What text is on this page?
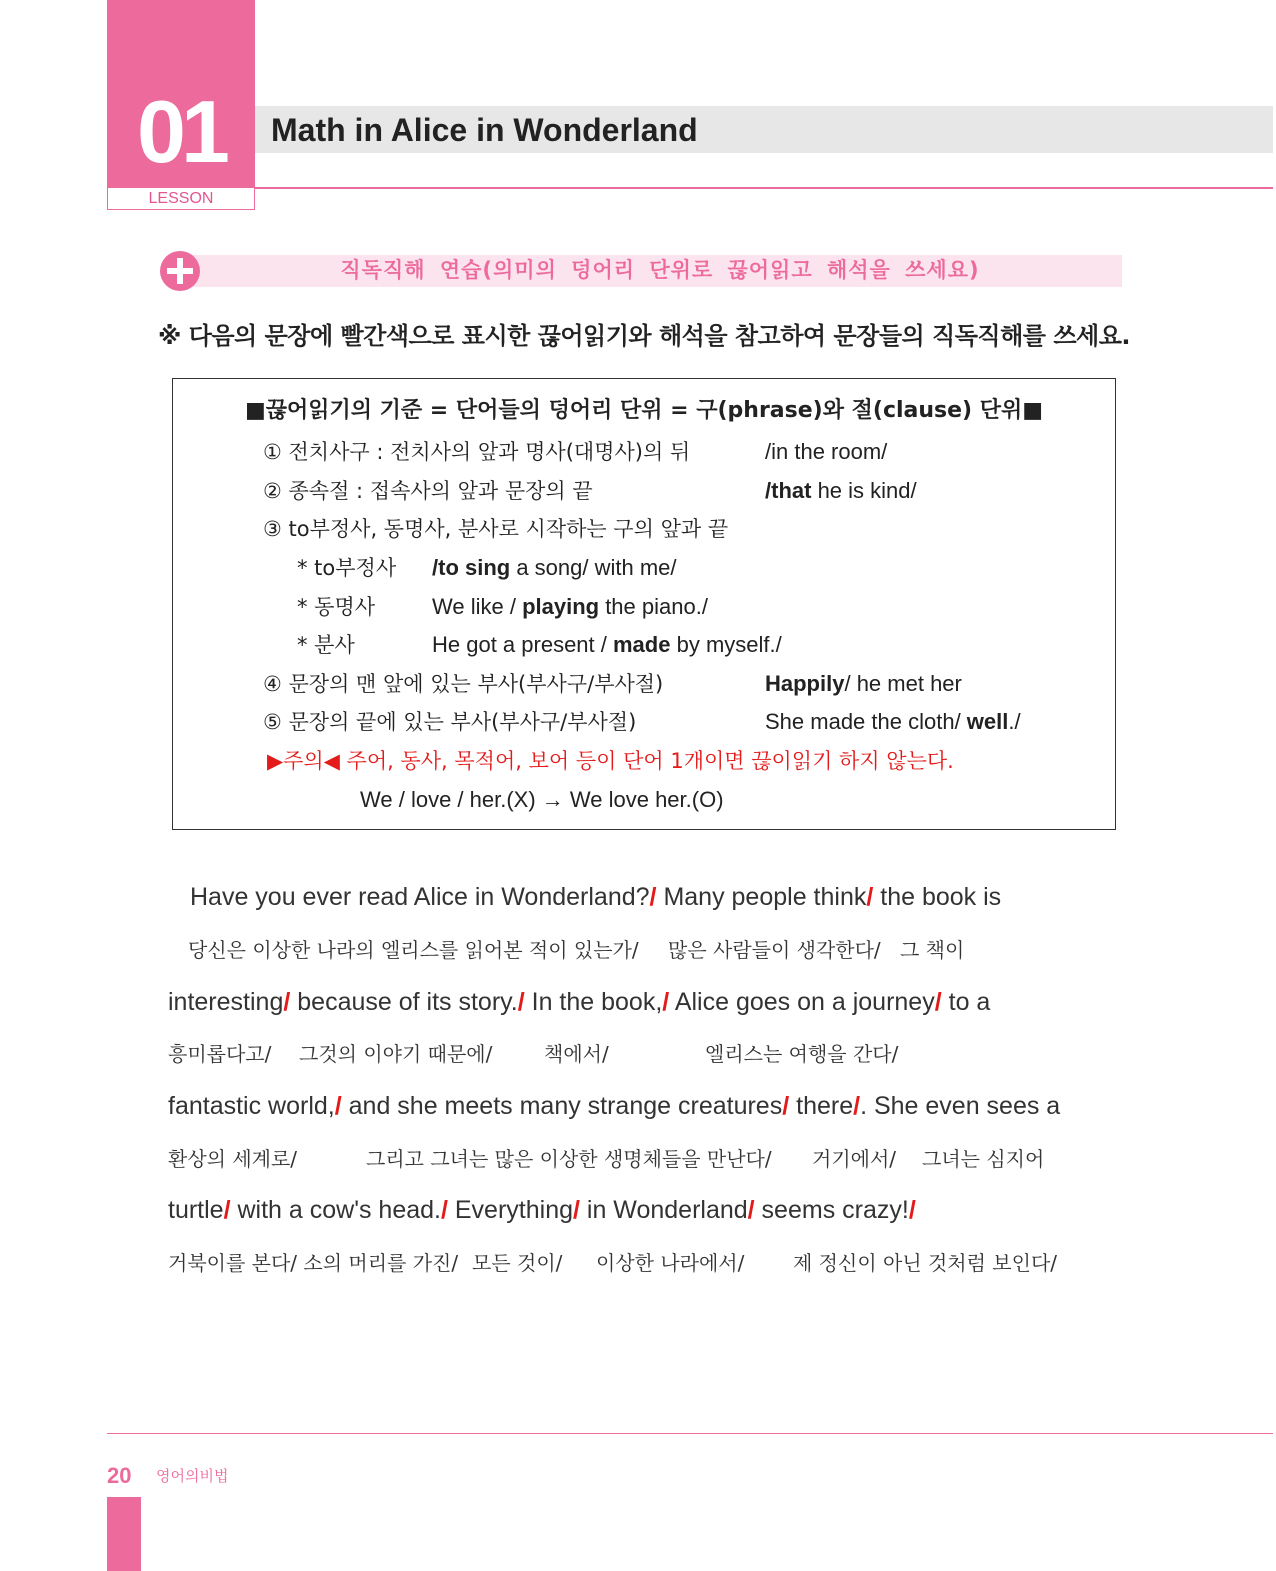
01
LESSON
Math in Alice in Wonderland
직독직해 연습(의미의 덩어리 단위로 끊어읽고 해석을 쓰세요)
※ 다음의 문장에 빨간색으로 표시한 끊어읽기와 해석을 참고하여 문장들의 직독직해를 쓰세요.
■끊어읽기의 기준 = 단어들의 덩어리 단위 = 구(phrase)와 절(clause) 단위■
① 전치사구 : 전치사의 앞과 명사(대명사)의 뒤	/in the room/
② 종속절 : 접속사의 앞과 문장의 끝	/that he is kind/
③ to부정사, 동명사, 분사로 시작하는 구의 앞과 끝
* to부정사 /to sing a song/ with me/
* 동명사	We like / playing the piano./
* 분사	He got a present / made by myself./
④ 문장의 맨 앞에 있는 부사(부사구/부사절)	Happily/ he met her
⑤ 문장의 끝에 있는 부사(부사구/부사절)	She made the cloth/ well./
▶주의◀ 주어, 동사, 목적어, 보어 등이 단어 1개이면 끊이읽기 하지 않는다.
We / love / her.(X) → We love her.(O)
Have you ever read Alice in Wonderland?/ Many people think/ the book is
당신은 이상한 나라의 엘리스를 읽어본 적이 있는가/ 많은 사람들이 생각한다/ 그 책이
interesting/ because of its story./ In the book,/ Alice goes on a journey/ to a
흥미롭다고/ 그것의 이야기 때문에/	책에서/	엘리스는 여행을 간다/
fantastic world,/ and she meets many strange creatures/ there/. She even sees a
환상의 세계로/	그리고 그녀는 많은 이상한 생명체들을 만난다/ 거기에서/ 그녀는 심지어
turtle/ with a cow's head./ Everything/ in Wonderland/ seems crazy!/
거북이를 본다/ 소의 머리를 가진/ 모든 것이/ 이상한 나라에서/ 제 정신이 아닌 것처럼 보인다/
20 영어의비법
